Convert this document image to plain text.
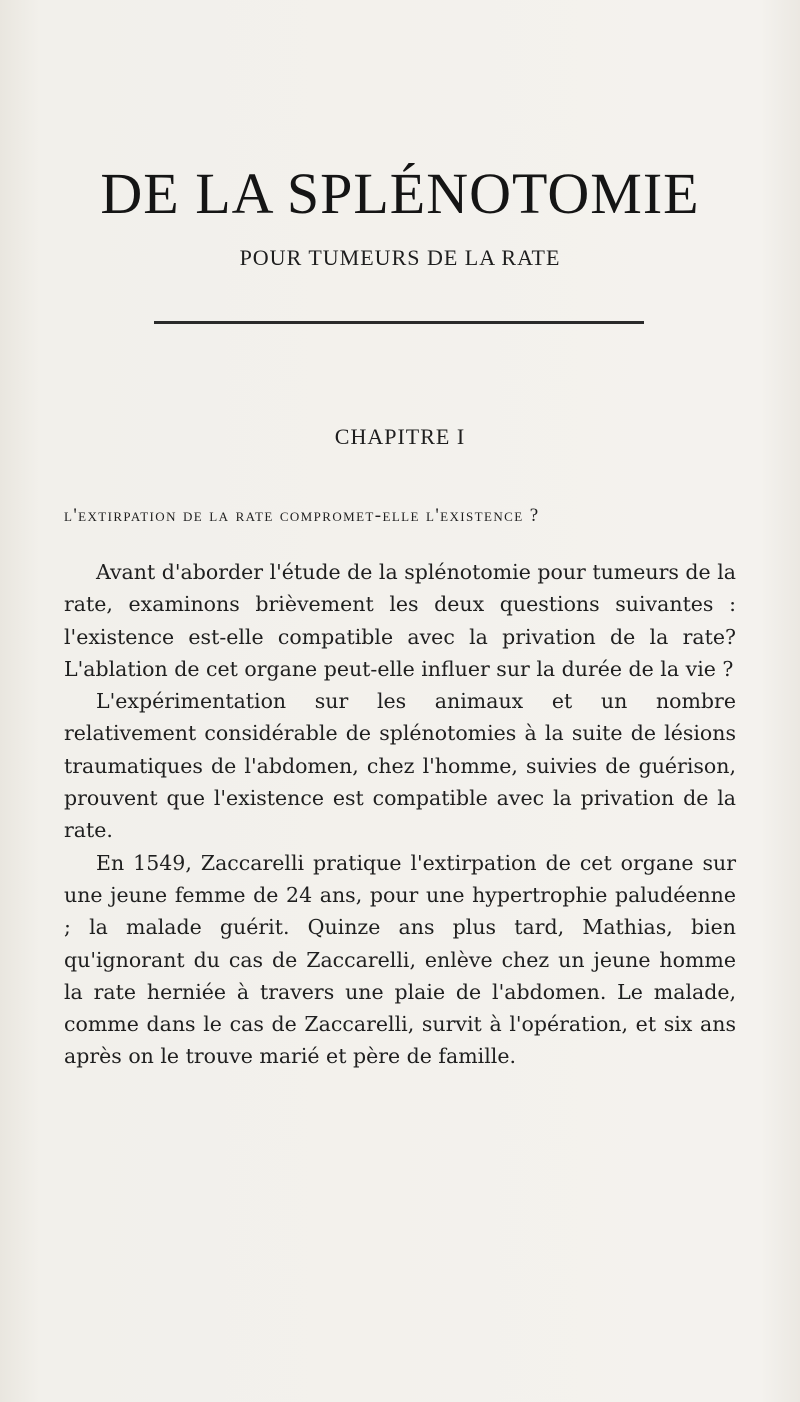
DE LA SPLÉNOTOMIE
POUR TUMEURS DE LA RATE
CHAPITRE I
l'extirpation de la rate compromet-elle l'existence ?

Avant d'aborder l'étude de la splénotomie pour tumeurs de la rate, examinons brièvement les deux questions suivantes : l'existence est-elle compatible avec la privation de la rate? L'ablation de cet organe peut-elle influer sur la durée de la vie ?

L'expérimentation sur les animaux et un nombre relativement considérable de splénotomies à la suite de lésions traumatiques de l'abdomen, chez l'homme, suivies de guérison, prouvent que l'existence est compatible avec la privation de la rate.

En 1549, Zaccarelli pratique l'extirpation de cet organe sur une jeune femme de 24 ans, pour une hypertrophie paludéenne ; la malade guérit. Quinze ans plus tard, Mathias, bien qu'ignorant du cas de Zaccarelli, enlève chez un jeune homme la rate herniée à travers une plaie de l'abdomen. Le malade, comme dans le cas de Zaccarelli, survit à l'opération, et six ans après on le trouve marié et père de famille.
